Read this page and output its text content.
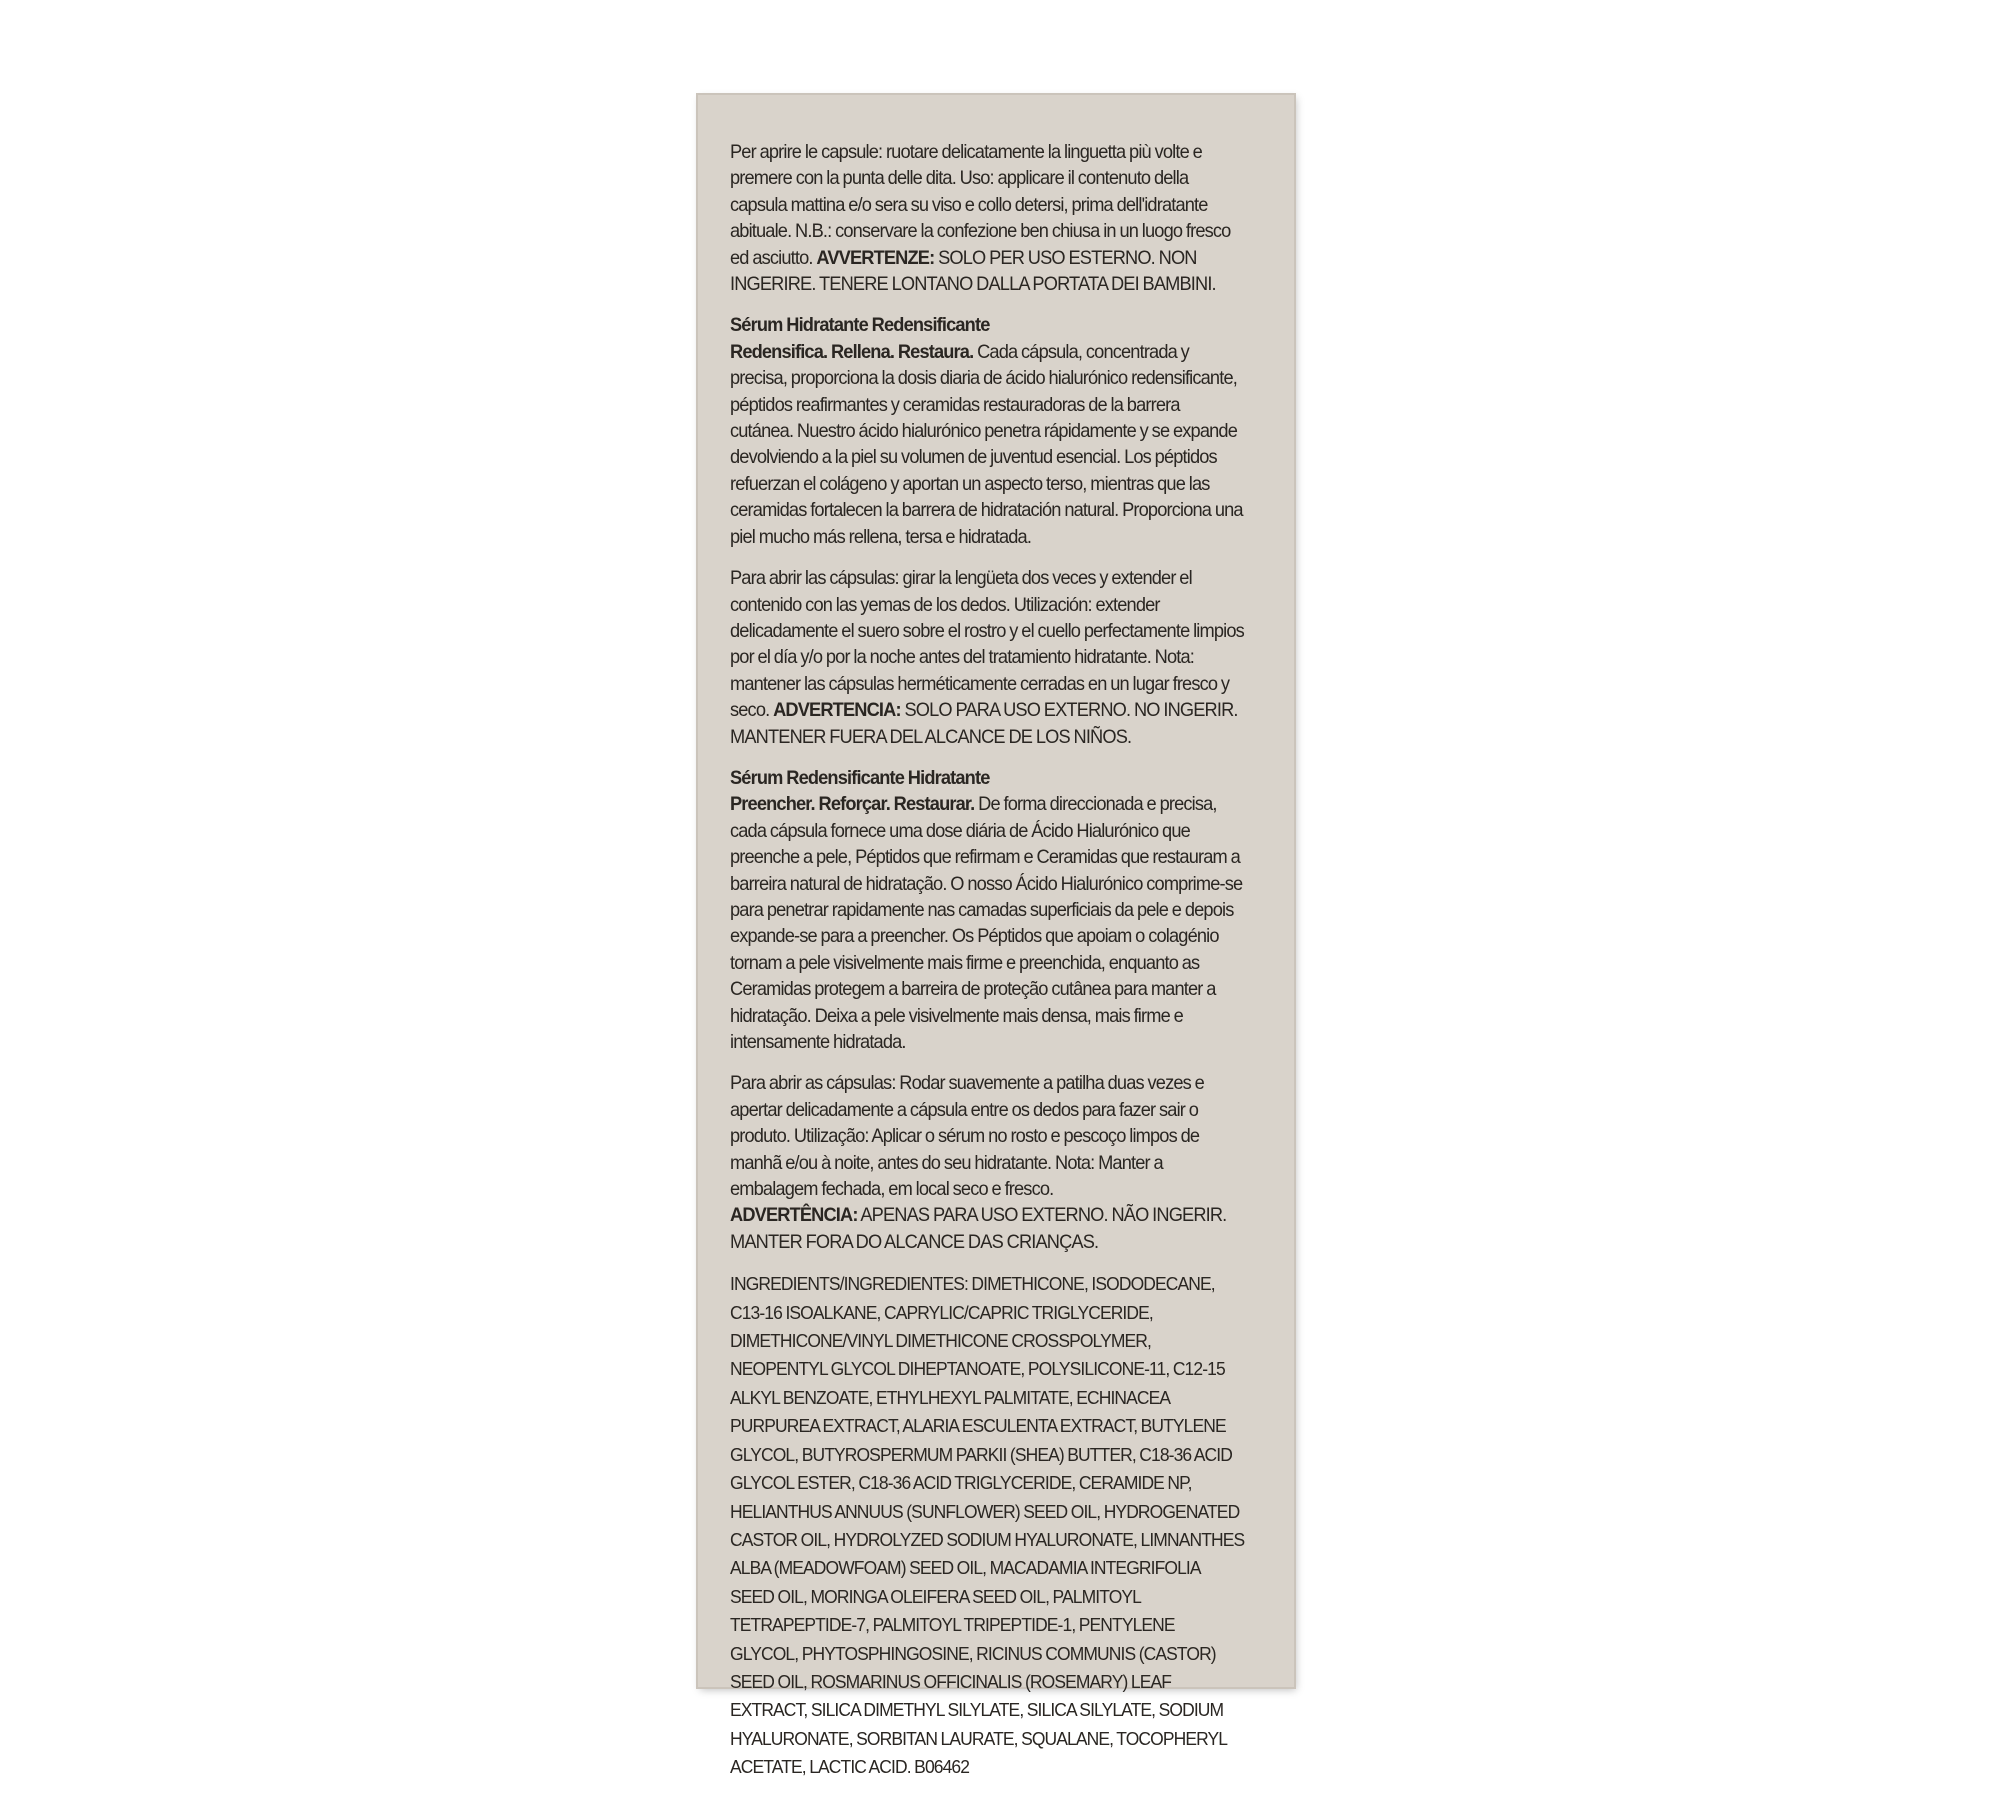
Per aprire le capsule: ruotare delicatamente la linguetta più volte e premere con la punta delle dita. Uso: applicare il contenuto della capsula mattina e/o sera su viso e collo detersi, prima dell'idratante abituale. N.B.: conservare la confezione ben chiusa in un luogo fresco ed asciutto. AVVERTENZE: SOLO PER USO ESTERNO. NON INGERIRE. TENERE LONTANO DALLA PORTATA DEI BAMBINI.

Sérum Hidratante Redensificante
Redensifica. Rellena. Restaura. Cada cápsula, concentrada y precisa, proporciona la dosis diaria de ácido hialurónico redensificante, péptidos reafirmantes y ceramidas restauradoras de la barrera cutánea. Nuestro ácido hialurónico penetra rápidamente y se expande devolviendo a la piel su volumen de juventud esencial. Los péptidos refuerzan el colágeno y aportan un aspecto terso, mientras que las ceramidas fortalecen la barrera de hidratación natural. Proporciona una piel mucho más rellena, tersa e hidratada.

Para abrir las cápsulas: girar la lengüeta dos veces y extender el contenido con las yemas de los dedos. Utilización: extender delicadamente el suero sobre el rostro y el cuello perfectamente limpios por el día y/o por la noche antes del tratamiento hidratante. Nota: mantener las cápsulas herméticamente cerradas en un lugar fresco y seco. ADVERTENCIA: SOLO PARA USO EXTERNO. NO INGERIR. MANTENER FUERA DEL ALCANCE DE LOS NIÑOS.

Sérum Redensificante Hidratante
Preencher. Reforçar. Restaurar. De forma direccionada e precisa, cada cápsula fornece uma dose diária de Ácido Hialurónico que preenche a pele, Péptidos que refirmam e Ceramidas que restauram a barreira natural de hidratação. O nosso Ácido Hialurónico comprime-se para penetrar rapidamente nas camadas superficiais da pele e depois expande-se para a preencher. Os Péptidos que apoiam o colagénio tornam a pele visivelmente mais firme e preenchida, enquanto as Ceramidas protegem a barreira de proteção cutânea para manter a hidratação. Deixa a pele visivelmente mais densa, mais firme e intensamente hidratada.

Para abrir as cápsulas: Rodar suavemente a patilha duas vezes e apertar delicadamente a cápsula entre os dedos para fazer sair o produto. Utilização: Aplicar o sérum no rosto e pescoço limpos de manhã e/ou à noite, antes do seu hidratante. Nota: Manter a embalagem fechada, em local seco e fresco.
ADVERTÊNCIA: APENAS PARA USO EXTERNO. NÃO INGERIR. MANTER FORA DO ALCANCE DAS CRIANÇAS.

INGREDIENTS/INGREDIENTES: DIMETHICONE, ISODODECANE, C13-16 ISOALKANE, CAPRYLIC/CAPRIC TRIGLYCERIDE, DIMETHICONE/VINYL DIMETHICONE CROSSPOLYMER, NEOPENTYL GLYCOL DIHEPTANOATE, POLYSILICONE-11, C12-15 ALKYL BENZOATE, ETHYLHEXYL PALMITATE, ECHINACEA PURPUREA EXTRACT, ALARIA ESCULENTA EXTRACT, BUTYLENE GLYCOL, BUTYROSPERMUM PARKII (SHEA) BUTTER, C18-36 ACID GLYCOL ESTER, C18-36 ACID TRIGLYCERIDE, CERAMIDE NP, HELIANTHUS ANNUUS (SUNFLOWER) SEED OIL, HYDROGENATED CASTOR OIL, HYDROLYZED SODIUM HYALURONATE, LIMNANTHES ALBA (MEADOWFOAM) SEED OIL, MACADAMIA INTEGRIFOLIA SEED OIL, MORINGA OLEIFERA SEED OIL, PALMITOYL TETRAPEPTIDE-7, PALMITOYL TRIPEPTIDE-1, PENTYLENE GLYCOL, PHYTOSPHINGOSINE, RICINUS COMMUNIS (CASTOR) SEED OIL, ROSMARINUS OFFICINALIS (ROSEMARY) LEAF EXTRACT, SILICA DIMETHYL SILYLATE, SILICA SILYLATE, SODIUM HYALURONATE, SORBITAN LAURATE, SQUALANE, TOCOPHERYL ACETATE, LACTIC ACID. B06462
